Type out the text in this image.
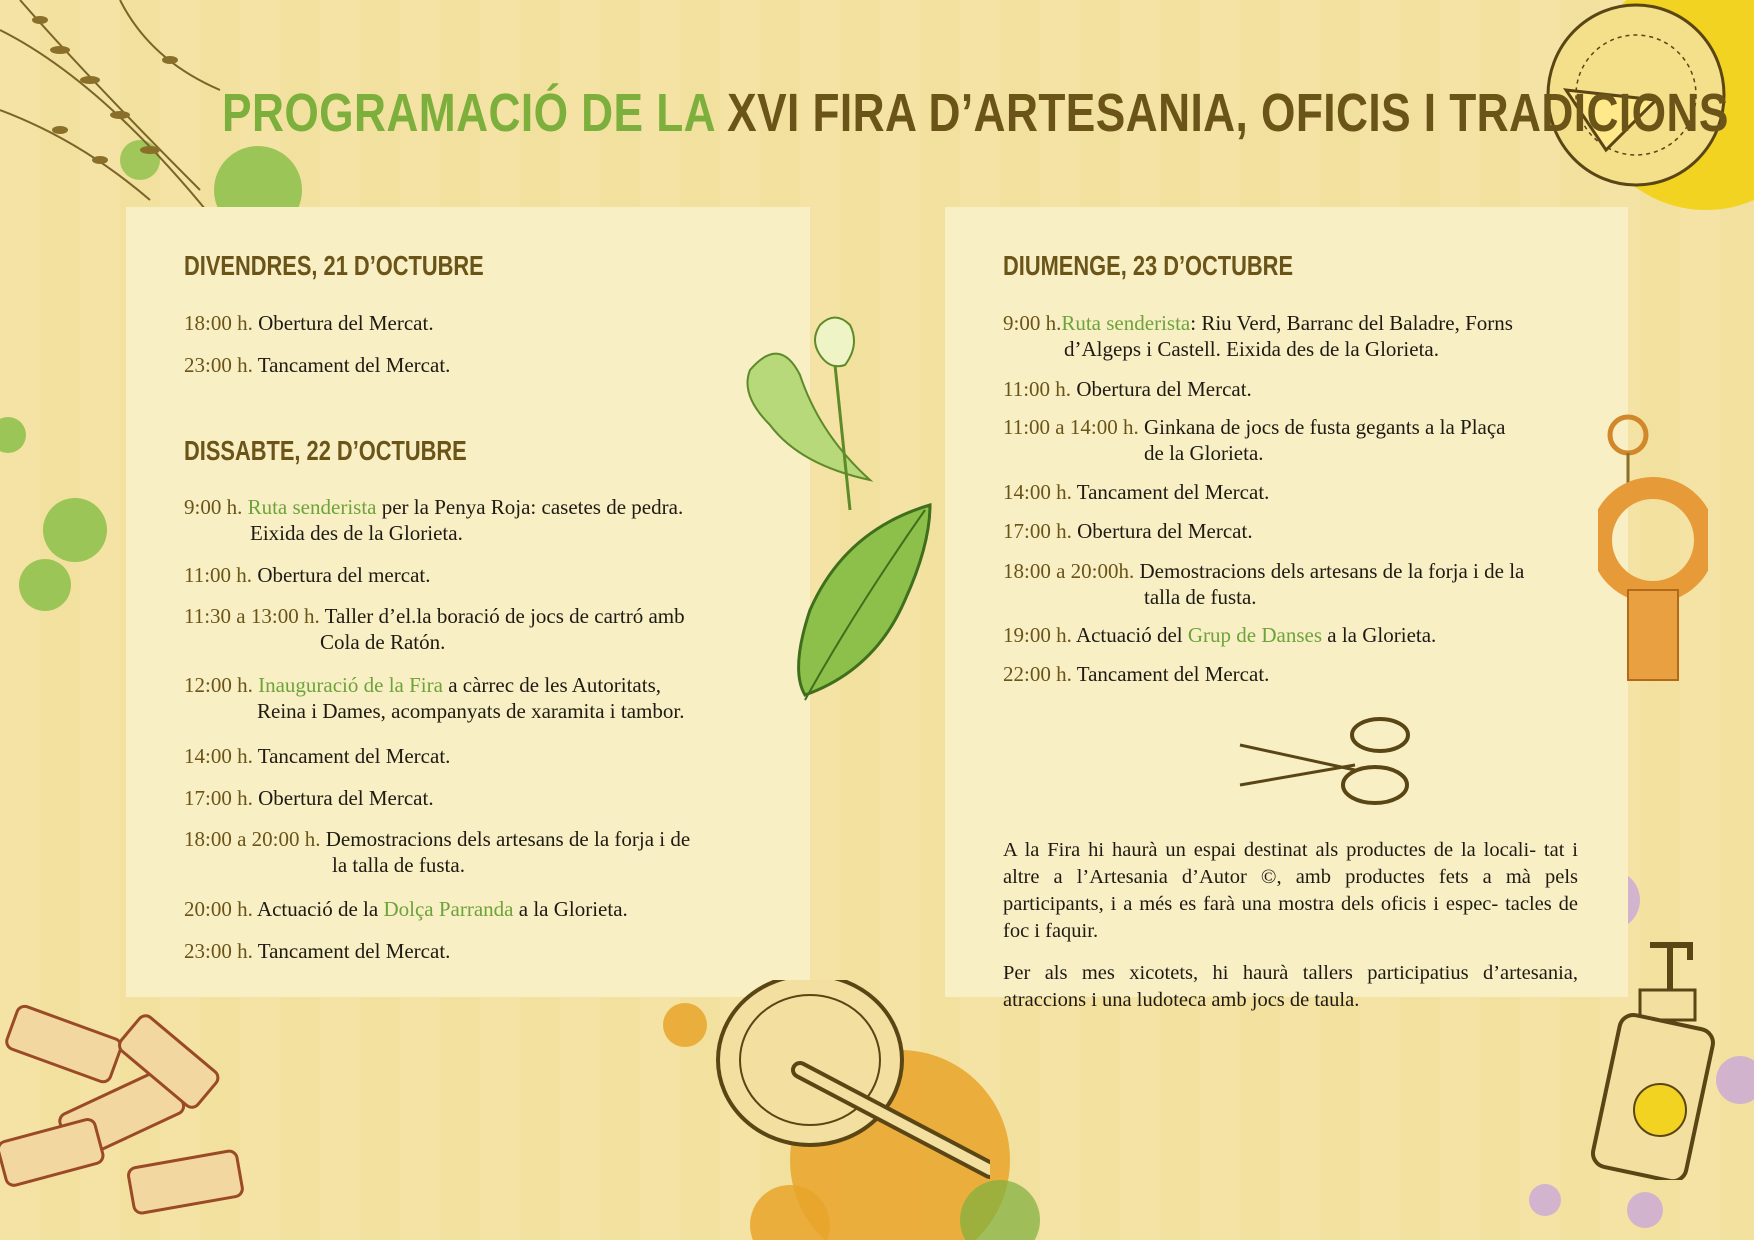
PROGRAMACIÓ DE LA XVI FIRA D’ARTESANIA, OFICIS I TRADICIONS
DIVENDRES, 21 D’OCTUBRE
18:00 h. Obertura del Mercat.
23:00 h. Tancament del Mercat.
DISSABTE, 22 D’OCTUBRE
9:00 h. Ruta senderista per la Penya Roja: casetes de pedra.
Eixida des de la Glorieta.
11:00 h. Obertura del mercat.
11:30 a 13:00 h. Taller d’el.la boració de jocs de cartró amb
Cola de Ratón.
12:00 h. Inauguració de la Fira a càrrec de les Autoritats,
Reina i Dames, acompanyats de xaramita i tambor.
14:00 h. Tancament del Mercat.
17:00 h. Obertura del Mercat.
18:00 a 20:00 h. Demostracions dels artesans de la forja i de
la talla de fusta.
20:00 h. Actuació de la Dolça Parranda a la Glorieta.
23:00 h. Tancament del Mercat.
DIUMENGE, 23 D’OCTUBRE
9:00 h.Ruta senderista: Riu Verd, Barranc del Baladre, Forns
d’Algeps i Castell. Eixida des de la Glorieta.
11:00 h. Obertura del Mercat.
11:00 a 14:00 h. Ginkana de jocs de fusta gegants a la Plaça
de la Glorieta.
14:00 h. Tancament del Mercat.
17:00 h. Obertura del Mercat.
18:00 a 20:00h. Demostracions dels artesans de la forja i de la
talla de fusta.
19:00 h. Actuació del Grup de Danses a la Glorieta.
22:00 h. Tancament del Mercat.
A la Fira hi haurà un espai destinat als productes de la locali- tat i altre a l’Artesania d’Autor ©, amb productes fets a mà pels participants, i a més es farà una mostra dels oficis i espec- tacles de foc i faquir.
Per als mes xicotets, hi haurà tallers participatius d’artesania, atraccions i una ludoteca amb jocs de taula.
